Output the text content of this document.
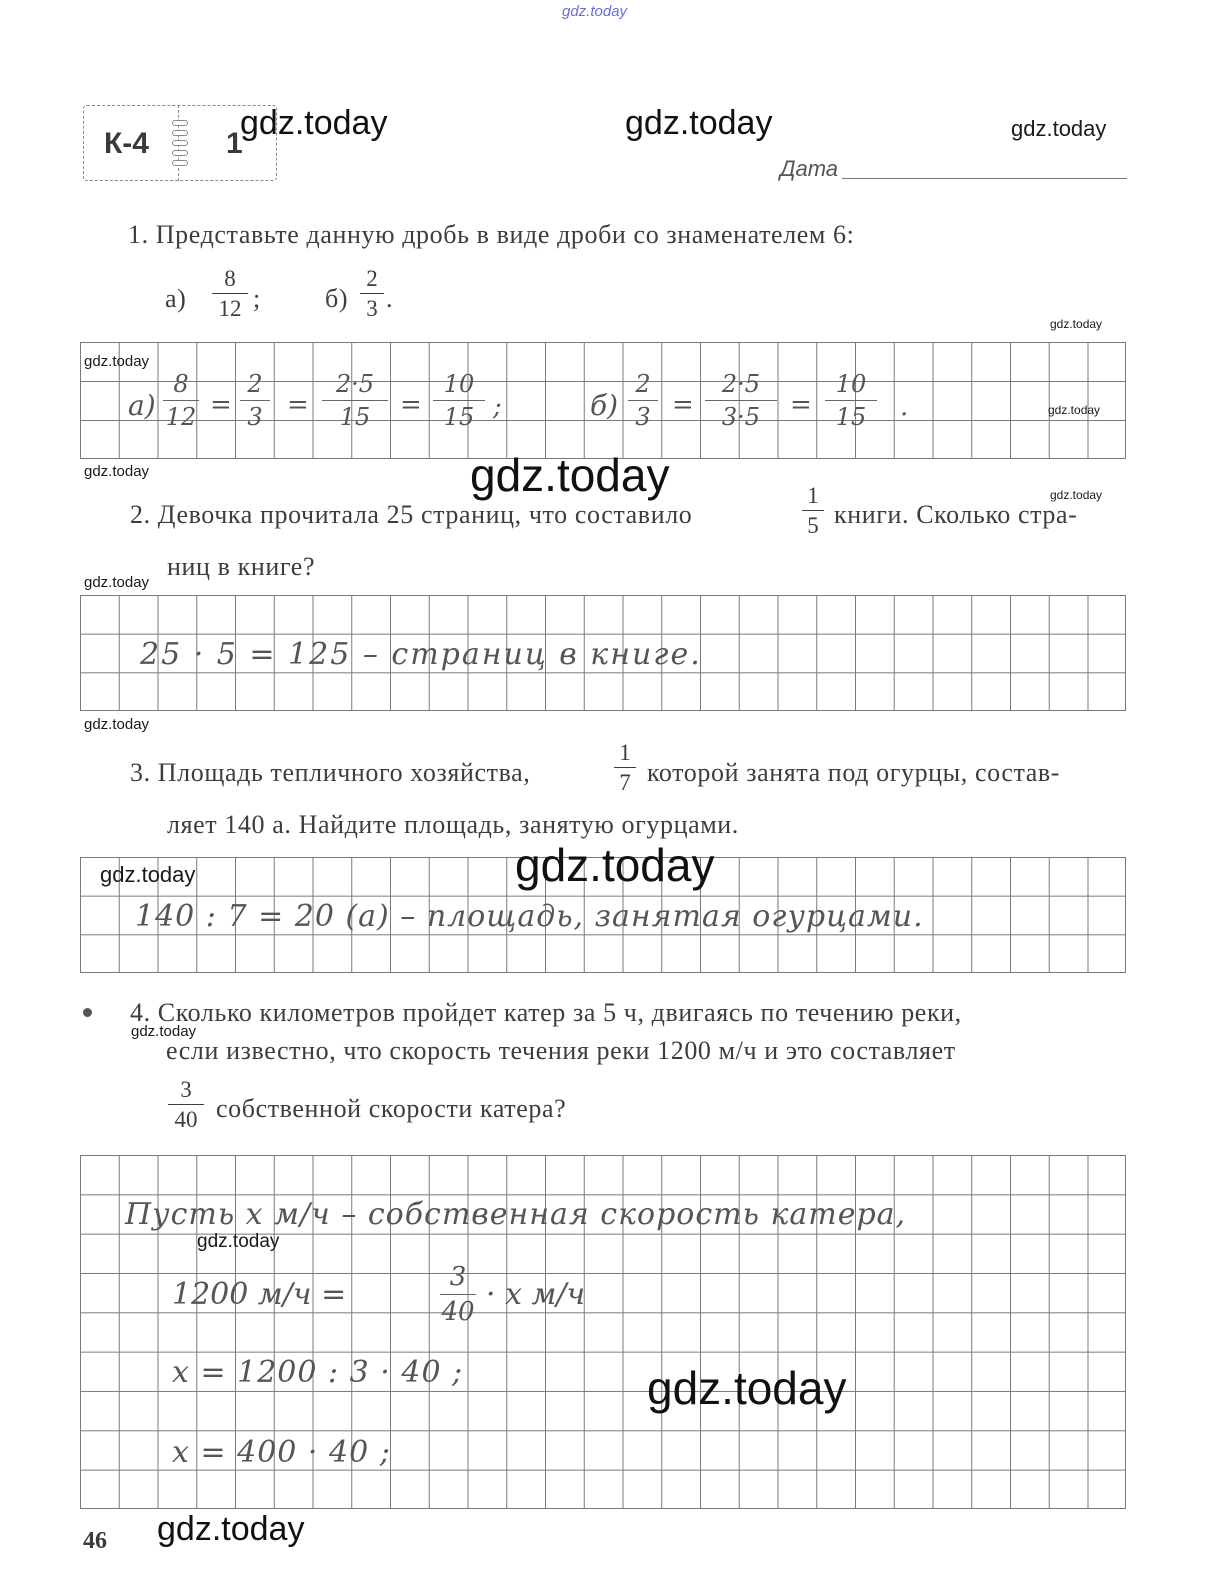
gdz.today
К-4	1
Дата
gdz.today	gdz.today	gdz.today
1. Представьте данную дробь в виде дроби со знаменателем 6:
$а) \frac{8}{12}$ ; $б) \frac{2}{3}$ .
gdz.today
gdz.today
gdz.today
$а) \frac{8}{12} = \frac{2}{3} = \frac{2\cdot 5}{15} = \frac{10}{15}$ ;	$б) \frac{2}{3} = \frac{2\cdot 5}{3\cdot 5} = \frac{10}{15}$ .
gdz.today	gdz.today	gdz.today
2. Девочка прочитала 25 страниц, что составило	$\frac{1}{5}$ книги. Сколько стра-
ниц в книге?
gdz.today
25 · 5 = 125 – страниц в книге.
gdz.today
3. Площадь тепличного хозяйства,	$\frac{1}{7}$ которой занята под огурцы, состав-
ляет 140 а. Найдите площадь, занятую огурцами.
gdz.today
gdz.today
140 : 7 = 20 (а) – площадь, занятая огурцами.
4. Сколько километров пройдет катер за 5 ч, двигаясь по течению реки,
gdz.today
если известно, что скорость течения реки 1200 м/ч и это составляет
$\frac{3}{40}$ собственной скорости катера?
Пусть x м/ч – собственная скорость катера,
gdz.today
1200 м/ч =	$\frac{3}{40} \cdot x$ м/ч
x = 1200 : 3 · 40 ;	gdz.today
x = 400 · 40 ;
gdz.today
46
